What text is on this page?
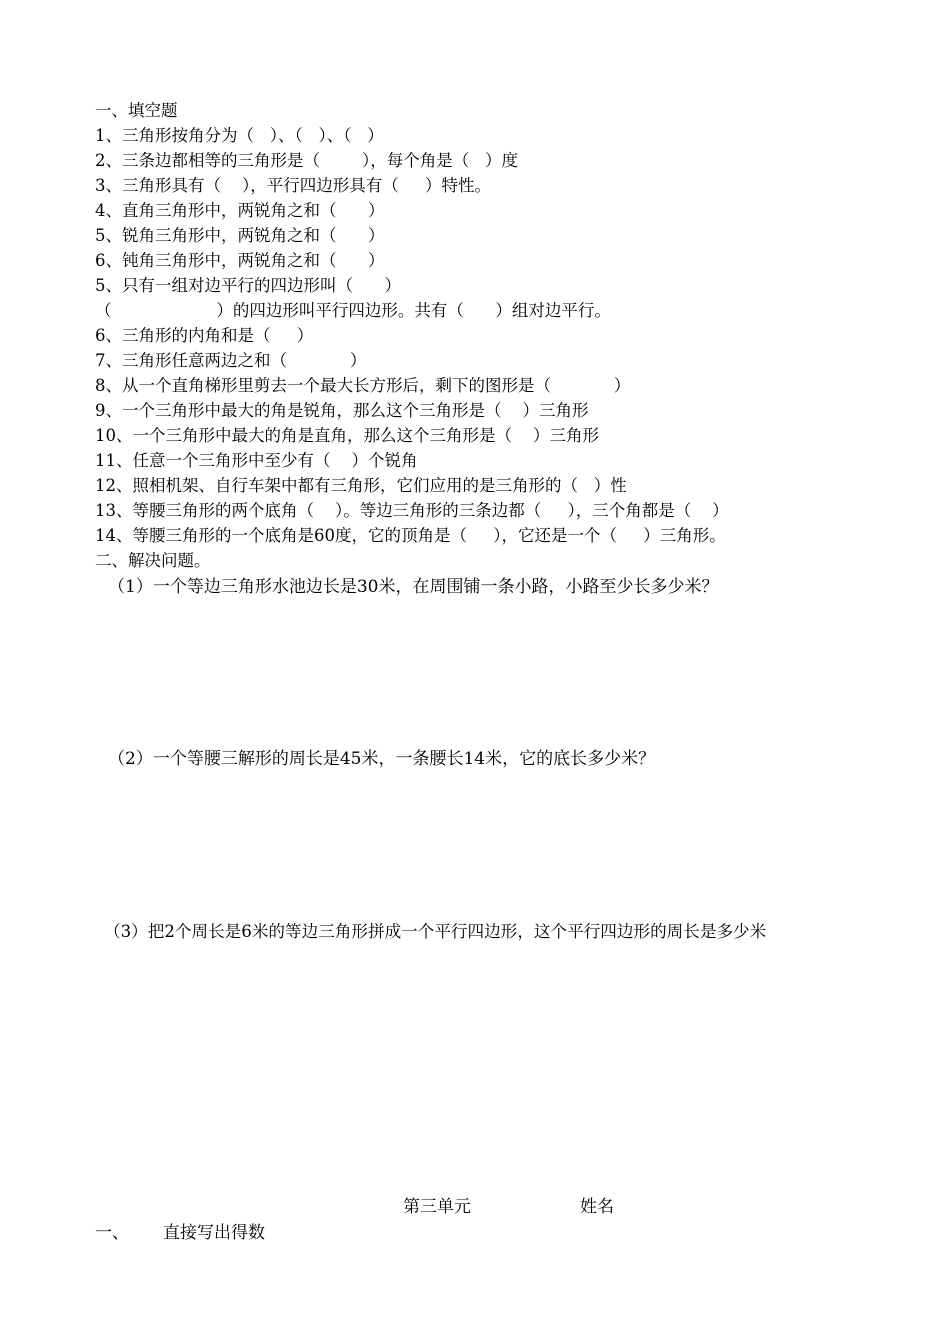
一、填空题
1、三角形按角分为（   ）、（   ）、（   ）
2、三条边都相等的三角形是（        ），每个角是（   ）度
3、三角形具有（    ），平行四边形具有（     ）特性。
4、直角三角形中，两锐角之和（      ）
5、锐角三角形中，两锐角之和（      ）
6、钝角三角形中，两锐角之和（      ）
5、只有一组对边平行的四边形叫（      ）
（                    ）的四边形叫平行四边形。共有（      ）组对边平行。
6、三角形的内角和是（     ）
7、三角形任意两边之和（            ）
8、从一个直角梯形里剪去一个最大长方形后，剩下的图形是（            ）
9、一个三角形中最大的角是锐角，那么这个三角形是（    ）三角形
10、一个三角形中最大的角是直角，那么这个三角形是（    ）三角形
11、任意一个三角形中至少有（    ）个锐角
12、照相机架、自行车架中都有三角形，它们应用的是三角形的（   ）性
13、等腰三角形的两个底角（    ）。等边三角形的三条边都（     ），三个角都是（    ）
14、等腰三角形的一个底角是60度，它的顶角是（     ），它还是一个（     ）三角形。
二、解决问题。
（1）一个等边三角形水池边长是30米，在周围铺一条小路，小路至少长多少米？
（2）一个等腰三解形的周长是45米，一条腰长14米，它的底长多少米？
（3）把2个周长是6米的等边三角形拼成一个平行四边形，这个平行四边形的周长是多少米
第三单元	姓名
一、 直接写出得数
